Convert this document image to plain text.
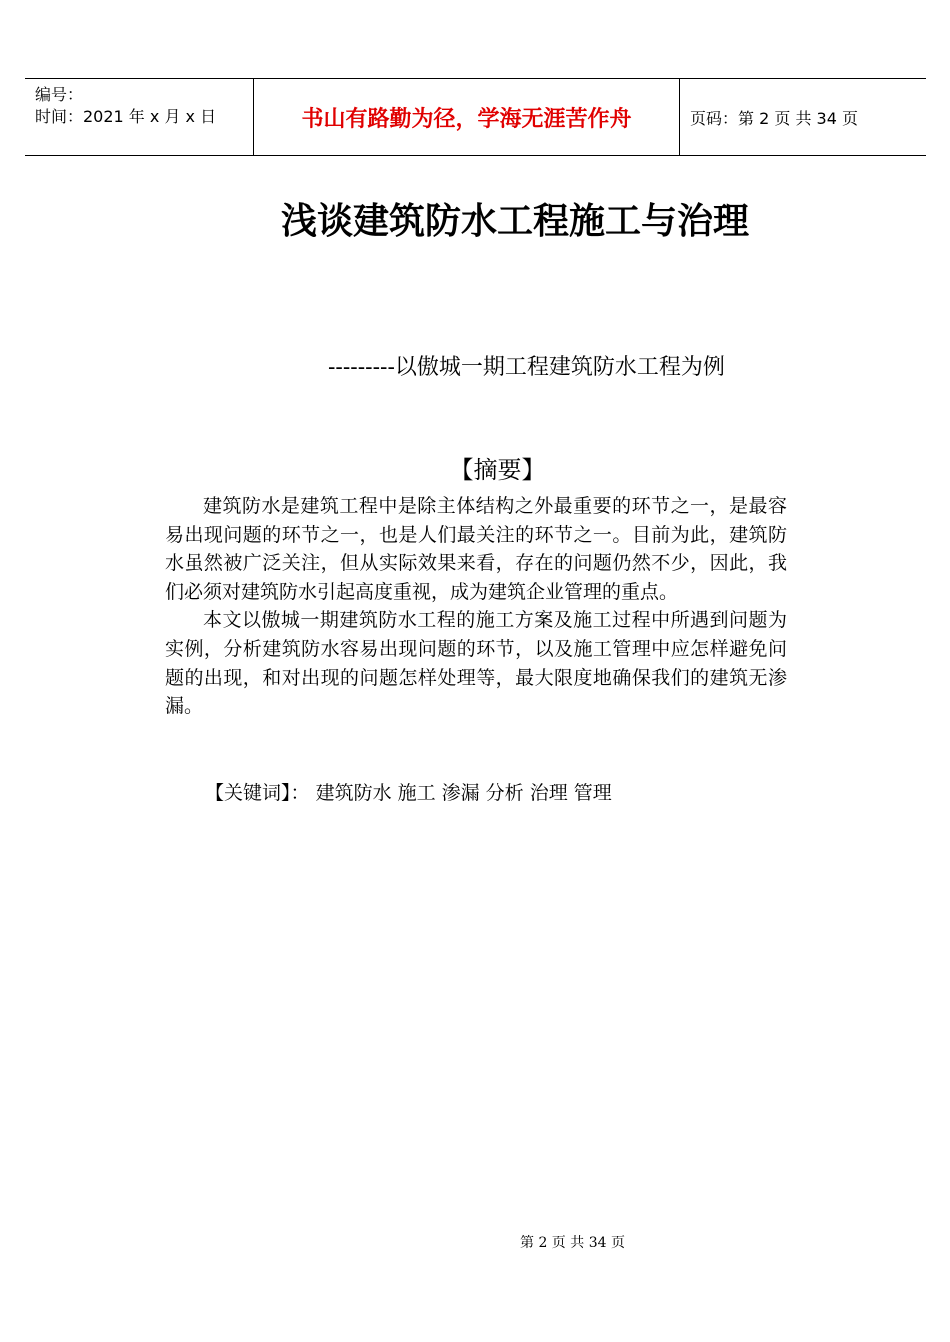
编号：
时间：2021 年 x 月 x 日	书山有路勤为径，学海无涯苦作舟	页码：第 2 页 共 34 页
浅谈建筑防水工程施工与治理
---------以傲城一期工程建筑防水工程为例
【摘要】

建筑防水是建筑工程中是除主体结构之外最重要的环节之一，是最容易出现问题的环节之一，也是人们最关注的环节之一。目前为此，建筑防水虽然被广泛关注，但从实际效果来看，存在的问题仍然不少，因此，我们必须对建筑防水引起高度重视，成为建筑企业管理的重点。

本文以傲城一期建筑防水工程的施工方案及施工过程中所遇到问题为实例，分析建筑防水容易出现问题的环节，以及施工管理中应怎样避免问题的出现，和对出现的问题怎样处理等，最大限度地确保我们的建筑无渗漏。

【关键词】： 建筑防水 施工 渗漏 分析 治理 管理
第 2 页 共 34 页
